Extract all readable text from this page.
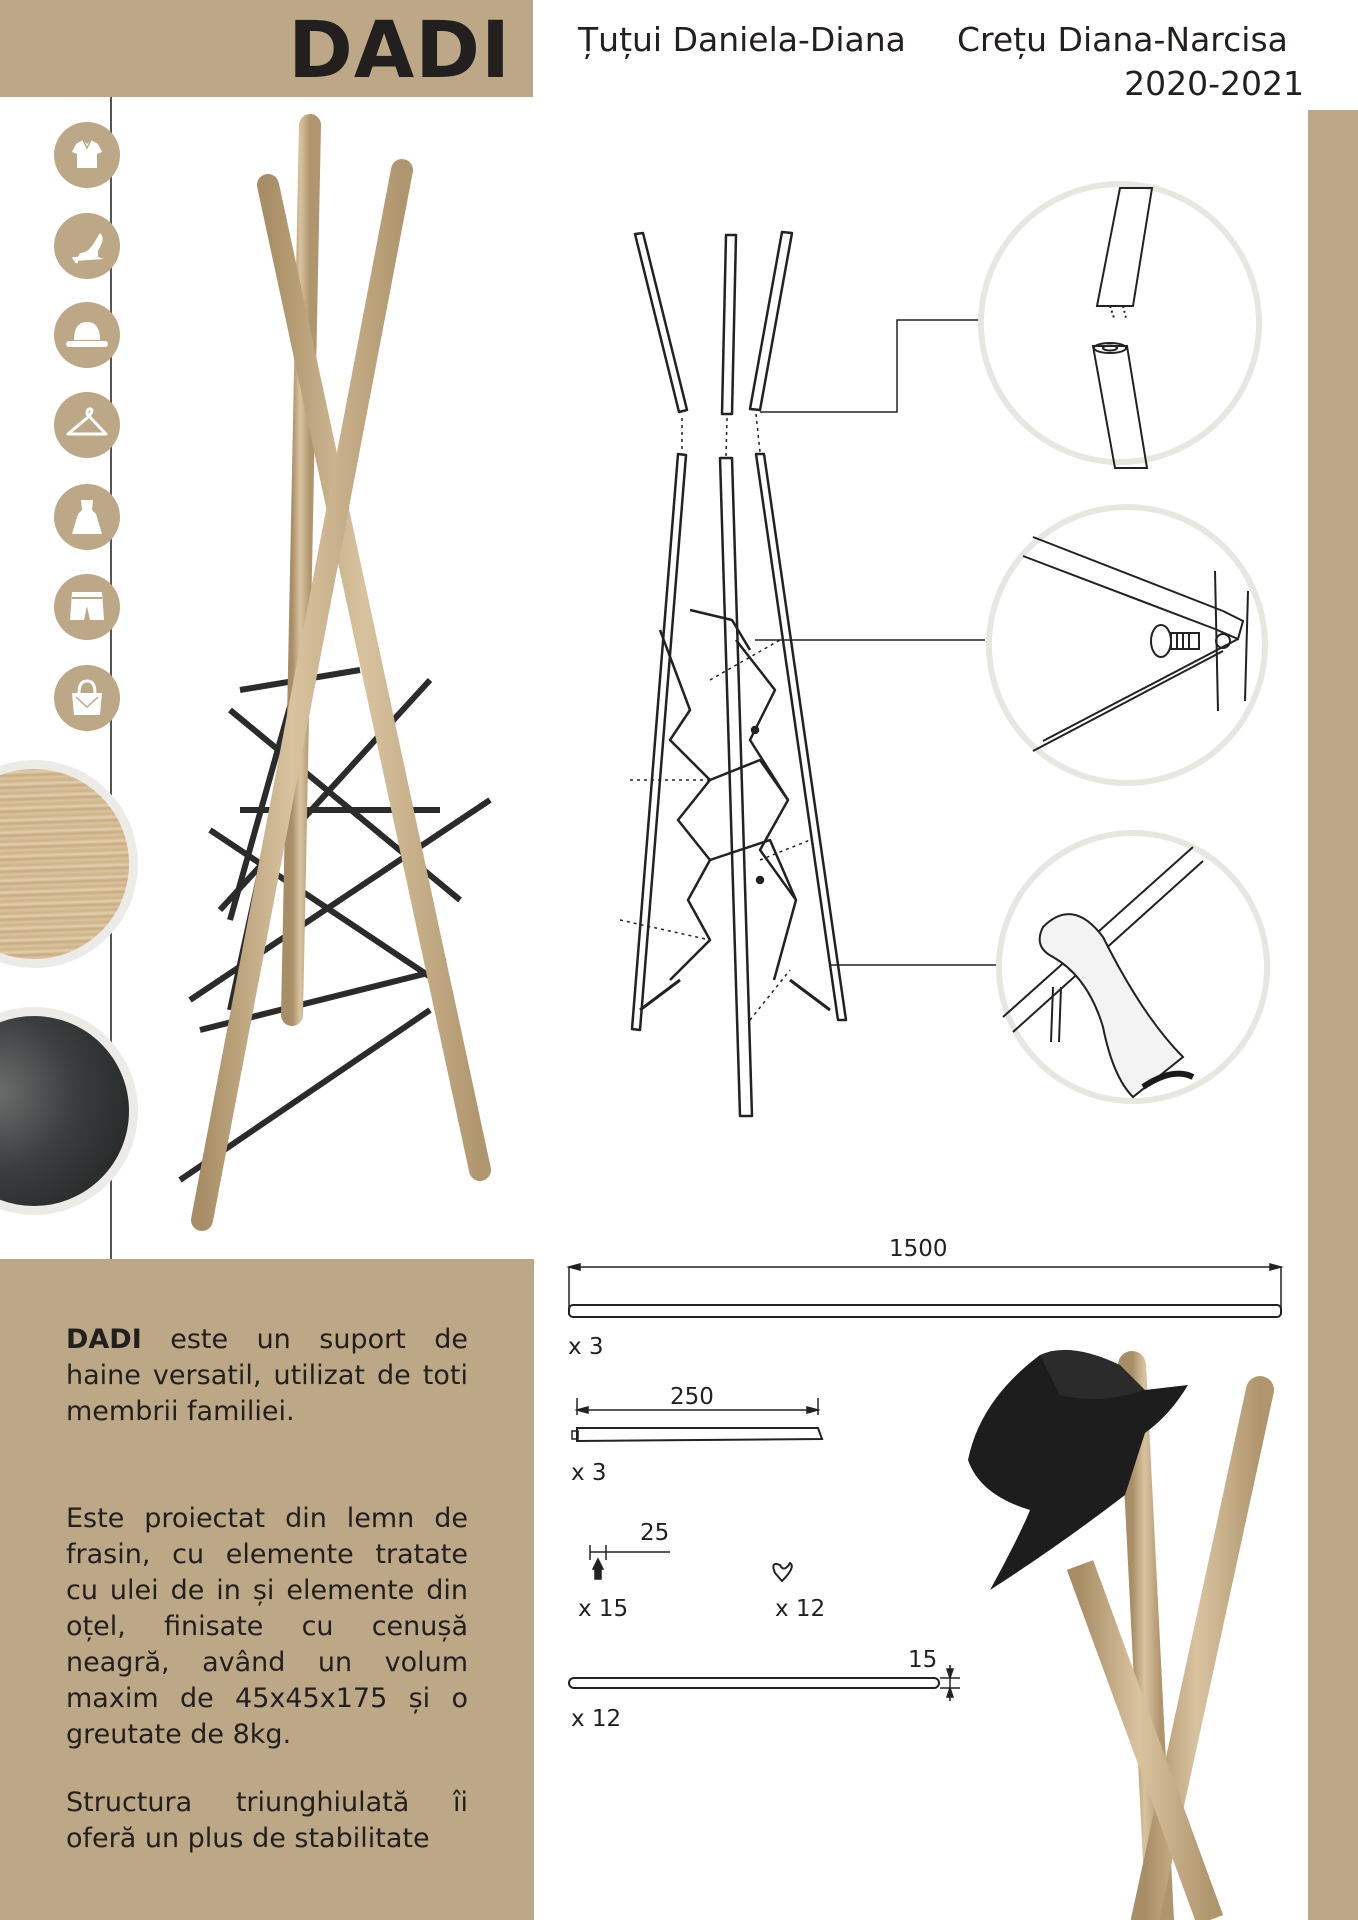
DADI Țuțui Daniela-Diana Crețu Diana-Narcisa
2020-2021
DADI este un suport de haine versatil, utilizat de toti membrii familiei.
Este proiectat din lemn de frasin, cu elemente tratate cu ulei de in și elemente din oțel, finisate cu cenușă neagră, având un volum maxim de 45x45x175 și o greutate de 8kg.
Structura triunghiulată îi oferă un plus de stabilitate
1500
x 3
250
x 3
25
x 15	x 12
15
x 12
